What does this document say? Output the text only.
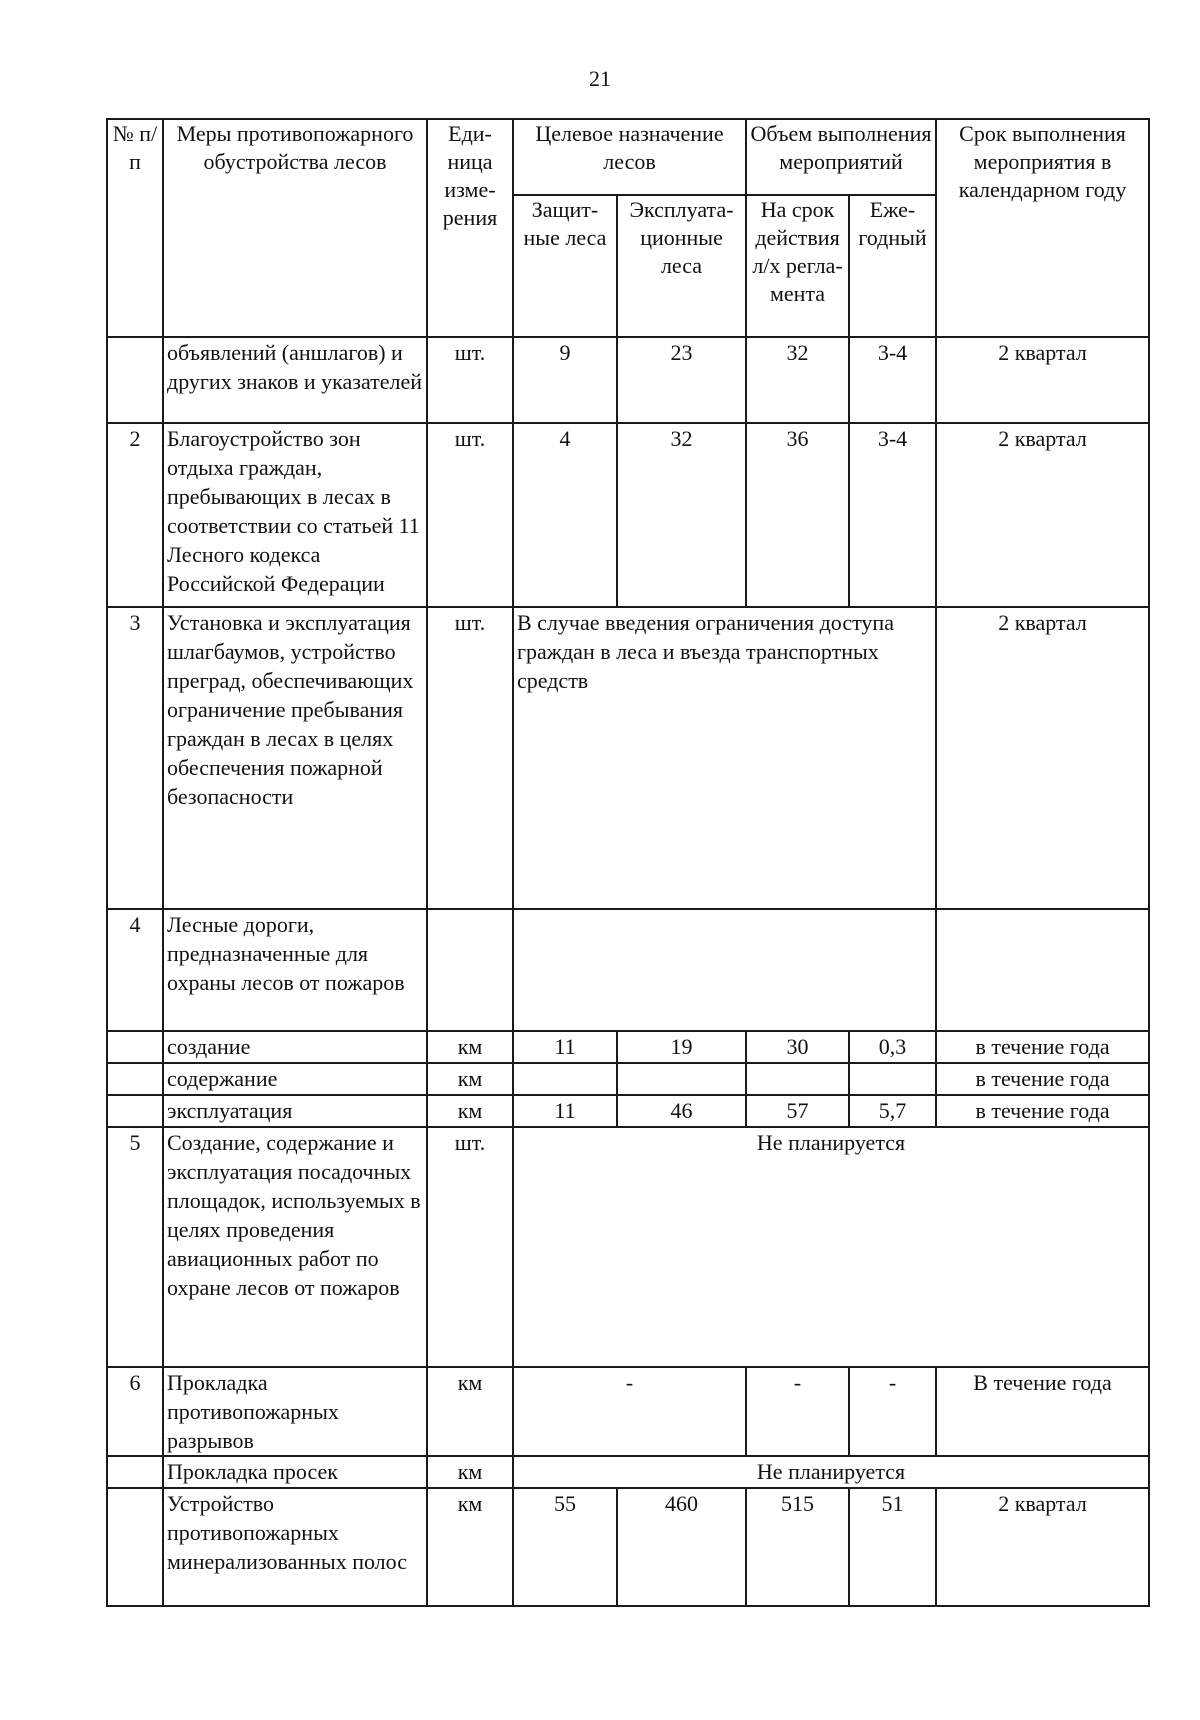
21
№ п/п	Меры противопожарного обустройства лесов	Еди-ница изме-рения	Целевое назначение лесов		Объем выполнения мероприятий		Срок выполнения мероприятия в календарном году
			Защит-ные леса	Эксплуата-ционные леса	На срок действия л/х регла-мента	Еже-годный	
	объявлений (аншлагов) и других знаков и указателей	шт.	9	23	32	3-4	2 квартал
2	Благоустройство зон отдыха граждан, пребывающих в лесах в соответствии со статьей 11 Лесного кодекса Российской Федерации	шт.	4	32	36	3-4	2 квартал
3	Установка и эксплуатация шлагбаумов, устройство преград, обеспечивающих ограничение пребывания граждан в лесах в целях обеспечения пожарной безопасности	шт.	В случае введения ограничения доступа граждан в леса и въезда транспортных средств				2 квартал
4	Лесные дороги, предназначенные для охраны лесов от пожаров						
	создание	км	11	19	30	0,3	в течение года
	содержание	км					в течение года
	эксплуатация	км	11	46	57	5,7	в течение года
5	Создание, содержание и эксплуатация посадочных площадок, используемых в целях проведения авиационных работ по охране лесов от пожаров	шт.	Не планируется				
6	Прокладка противопожарных разрывов	км	-		-	-	В течение года
	Прокладка просек	км	Не планируется				
	Устройство противопожарных минерализованных полос	км	55	460	515	51	2 квартал
